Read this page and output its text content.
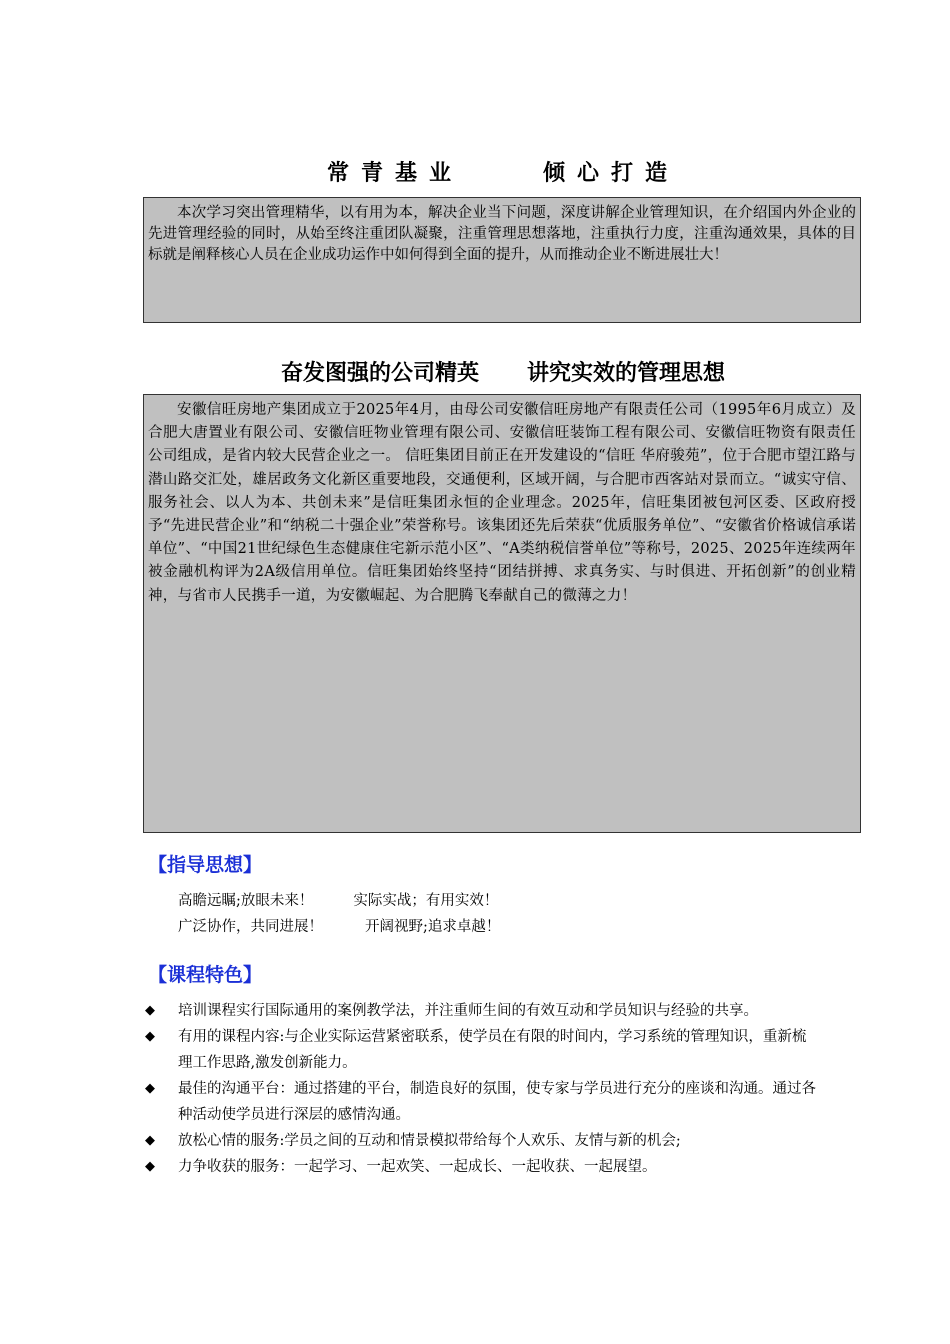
常青基业	倾心打造

本次学习突出管理精华，以有用为本，解决企业当下问题，深度讲解企业管理知识，在介绍国内外企业的先进管理经验的同时，从始至终注重团队凝聚，注重管理思想落地，注重执行力度，注重沟通效果，具体的目标就是阐释核心人员在企业成功运作中如何得到全面的提升，从而推动企业不断进展壮大！

奋发图强的公司精英 讲究实效的管理思想

安徽信旺房地产集团成立于2025年4月，由母公司安徽信旺房地产有限责任公司（1995年6月成立）及合肥大唐置业有限公司、安徽信旺物业管理有限公司、安徽信旺装饰工程有限公司、安徽信旺物资有限责任公司组成，是省内较大民营企业之一。 信旺集团目前正在开发建设的“信旺 华府骏苑”，位于合肥市望江路与潜山路交汇处，雄居政务文化新区重要地段，交通便利，区域开阔，与合肥市西客站对景而立。“诚实守信、服务社会、以人为本、共创未来”是信旺集团永恒的企业理念。2025年，信旺集团被包河区委、区政府授予“先进民营企业”和“纳税二十强企业”荣誉称号。该集团还先后荣获“优质服务单位”、“安徽省价格诚信承诺单位”、“中国21世纪绿色生态健康住宅新示范小区”、“A类纳税信誉单位”等称号，2025、2025年连续两年被金融机构评为2A级信用单位。信旺集团始终坚持“团结拼搏、求真务实、与时俱进、开拓创新”的创业精神，与省市人民携手一道，为安徽崛起、为合肥腾飞奉献自己的微薄之力！

【指导思想】
高瞻远瞩;放眼未来！	实际实战；有用实效！
广泛协作，共同进展！	开阔视野;追求卓越！
【课程特色】
◆ 培训课程实行国际通用的案例教学法，并注重师生间的有效互动和学员知识与经验的共享。
◆ 有用的课程内容:与企业实际运营紧密联系，使学员在有限的时间内，学习系统的管理知识，重新梳理工作思路,激发创新能力。
◆ 最佳的沟通平台：通过搭建的平台，制造良好的氛围，使专家与学员进行充分的座谈和沟通。通过各种活动使学员进行深层的感情沟通。
◆ 放松心情的服务:学员之间的互动和情景模拟带给每个人欢乐、友情与新的机会;
◆ 力争收获的服务：一起学习、一起欢笑、一起成长、一起收获、一起展望。
